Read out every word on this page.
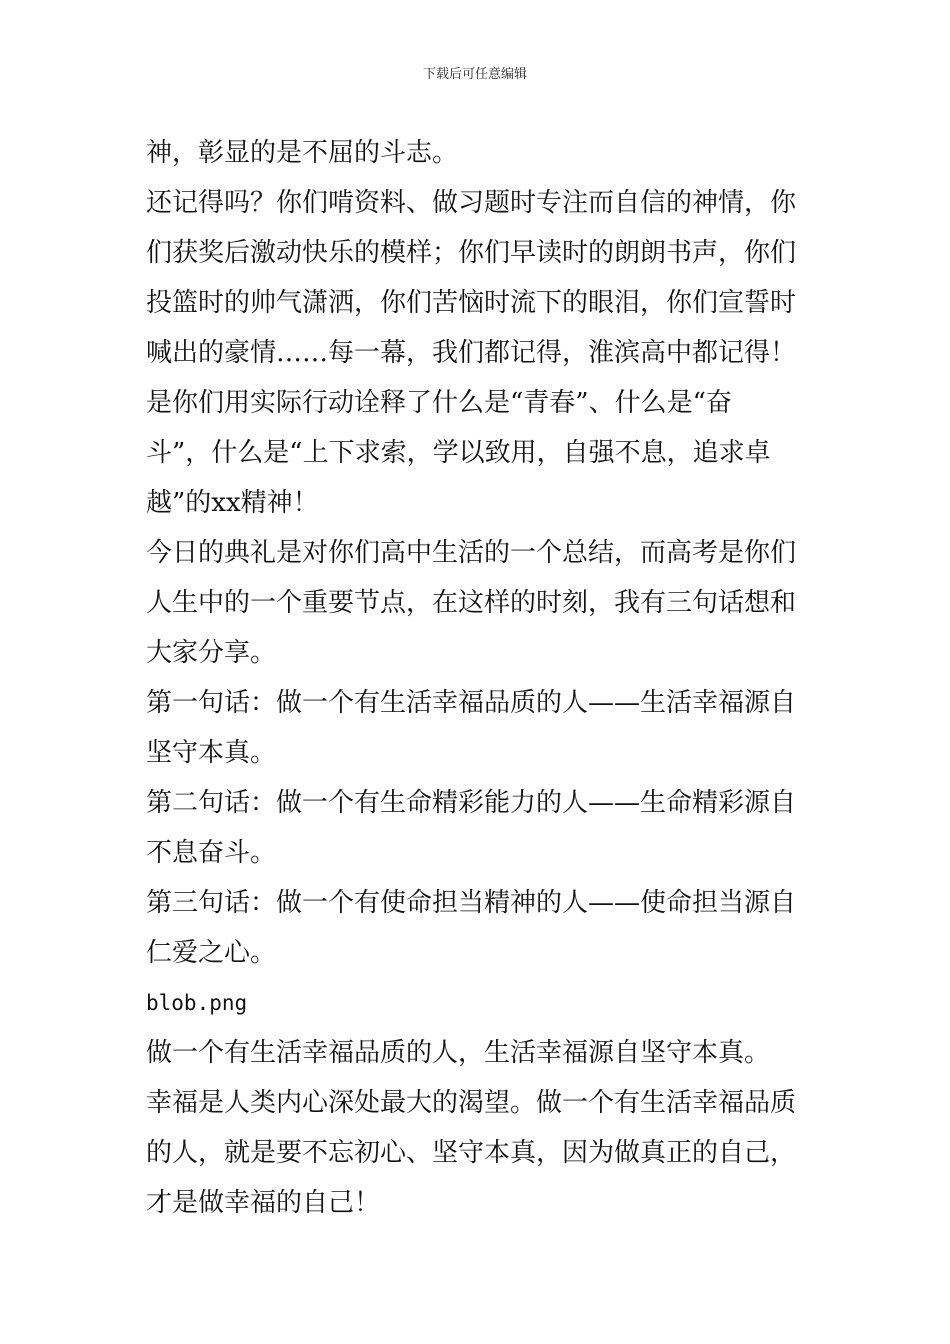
下载后可任意编辑
神，彰显的是不屈的斗志。
还记得吗？你们啃资料、做习题时专注而自信的神情，你
们获奖后激动快乐的模样；你们早读时的朗朗书声，你们
投篮时的帅气潇洒，你们苦恼时流下的眼泪，你们宣誓时
喊出的豪情……每一幕，我们都记得，淮滨高中都记得！
是你们用实际行动诠释了什么是“青春”、什么是“奋
斗”，什么是“上下求索，学以致用，自强不息，追求卓
越”的xx精神！
今日的典礼是对你们高中生活的一个总结，而高考是你们
人生中的一个重要节点，在这样的时刻，我有三句话想和
大家分享。
第一句话：做一个有生活幸福品质的人——生活幸福源自
坚守本真。
第二句话：做一个有生命精彩能力的人——生命精彩源自
不息奋斗。
第三句话：做一个有使命担当精神的人——使命担当源自
仁爱之心。
blob.png
做一个有生活幸福品质的人，生活幸福源自坚守本真。
幸福是人类内心深处最大的渴望。做一个有生活幸福品质
的人，就是要不忘初心、坚守本真，因为做真正的自己，
才是做幸福的自己！
